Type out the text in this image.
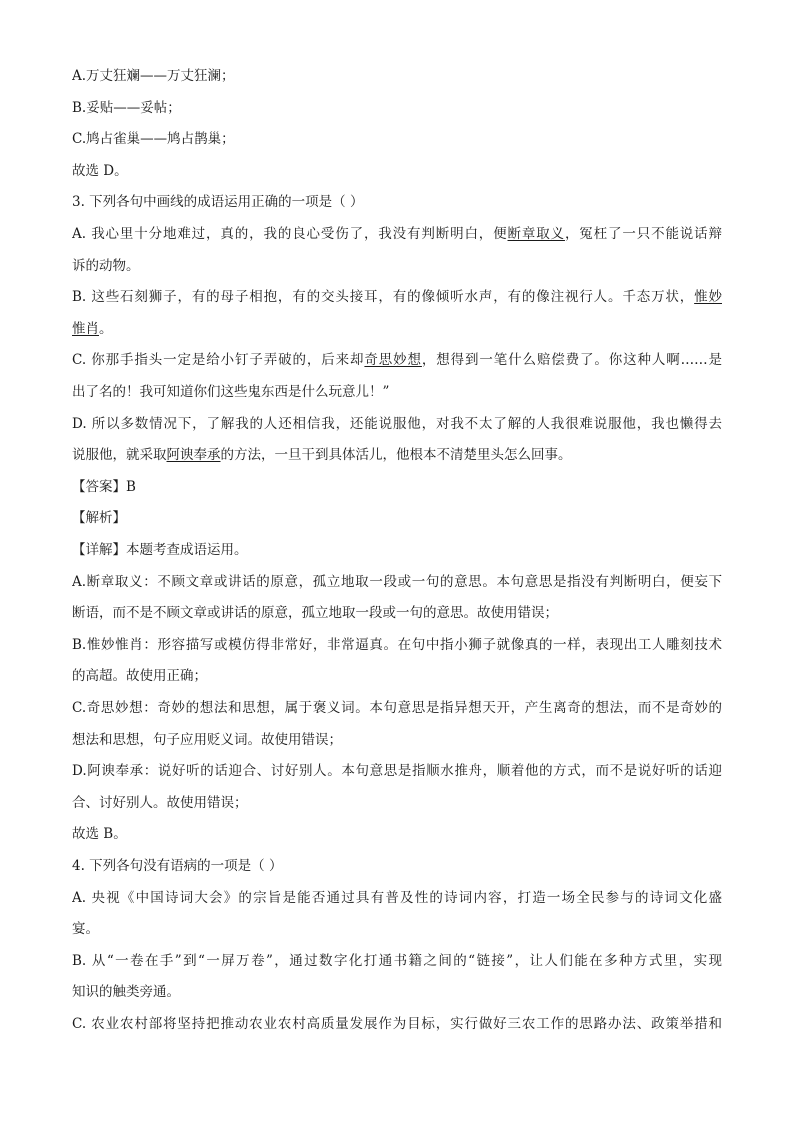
A.万丈狂斓——万丈狂澜；
B.妥贴——妥帖；
C.鸠占雀巢——鸠占鹊巢；
故选 D。
3. 下列各句中画线的成语运用正确的一项是（ ）
A. 我心里十分地难过，真的，我的良心受伤了，我没有判断明白，便断章取义，冤枉了一只不能说话辩
诉的动物。
B. 这些石刻狮子，有的母子相抱，有的交头接耳，有的像倾听水声，有的像注视行人。千态万状，惟妙
惟肖。
C. 你那手指头一定是给小钉子弄破的，后来却奇思妙想，想得到一笔什么赔偿费了。你这种人啊……是
出了名的！我可知道你们这些鬼东西是什么玩意儿！”
D. 所以多数情况下，了解我的人还相信我，还能说服他，对我不太了解的人我很难说服他，我也懒得去
说服他，就采取阿谀奉承的方法，一旦干到具体活儿，他根本不清楚里头怎么回事。
【答案】B
【解析】
【详解】本题考查成语运用。
A.断章取义：不顾文章或讲话的原意，孤立地取一段或一句的意思。本句意思是指没有判断明白，便妄下
断语，而不是不顾文章或讲话的原意，孤立地取一段或一句的意思。故使用错误；
B.惟妙惟肖：形容描写或模仿得非常好，非常逼真。在句中指小狮子就像真的一样，表现出工人雕刻技术
的高超。故使用正确；
C.奇思妙想：奇妙的想法和思想，属于褒义词。本句意思是指异想天开，产生离奇的想法，而不是奇妙的
想法和思想，句子应用贬义词。故使用错误；
D.阿谀奉承：说好听的话迎合、讨好别人。本句意思是指顺水推舟，顺着他的方式，而不是说好听的话迎
合、讨好别人。故使用错误；
故选 B。
4. 下列各句没有语病的一项是（ ）
A. 央视《中国诗词大会》的宗旨是能否通过具有普及性的诗词内容，打造一场全民参与的诗词文化盛
宴。
B. 从“一卷在手”到“一屏万卷”，通过数字化打通书籍之间的“链接”，让人们能在多种方式里，实现
知识的触类旁通。
C. 农业农村部将坚持把推动农业农村高质量发展作为目标，实行做好三农工作的思路办法、政策举措和
